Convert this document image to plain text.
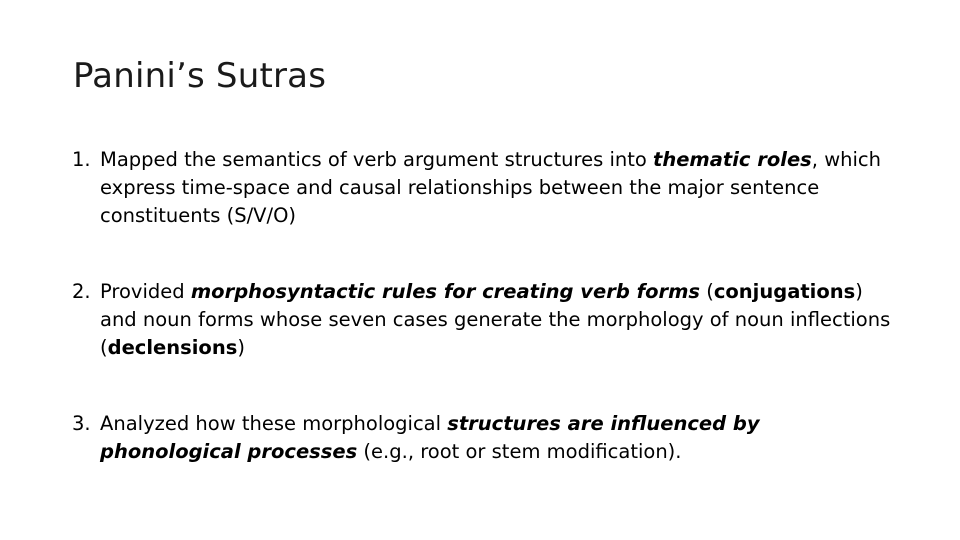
Panini’s Sutras
1. Mapped the semantics of verb argument structures into thematic roles, which express time-space and causal relationships between the major sentence constituents (S/V/O)
2. Provided morphosyntactic rules for creating verb forms (conjugations) and noun forms whose seven cases generate the morphology of noun inflections (declensions)
3. Analyzed how these morphological structures are influenced by phonological processes (e.g., root or stem modification).
